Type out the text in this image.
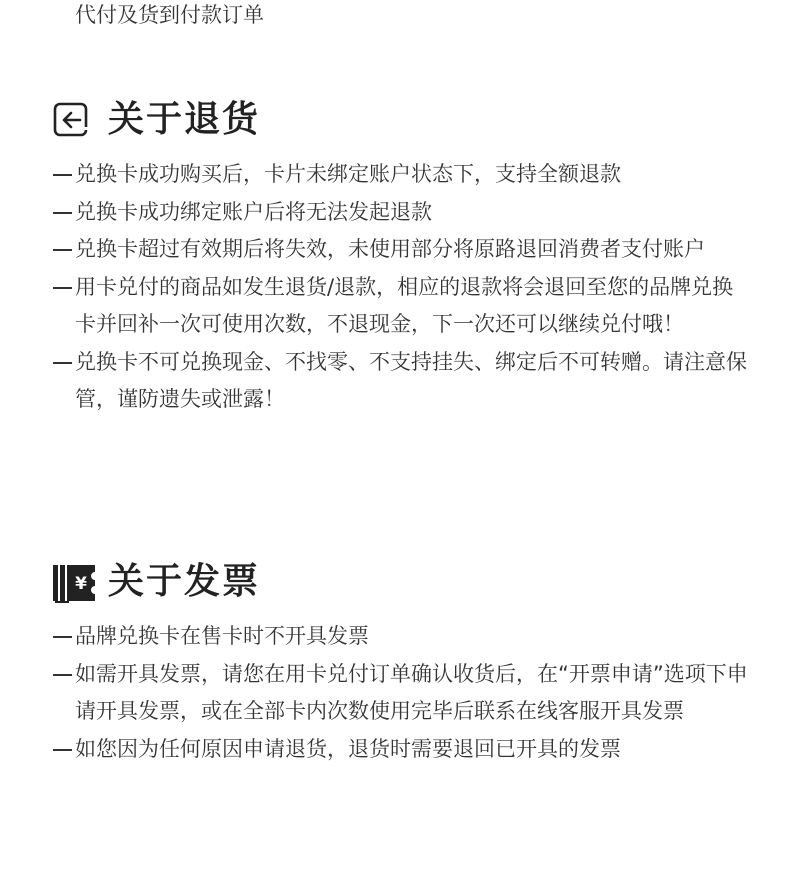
代付及货到付款订单

关于退货
兑换卡成功购买后，卡片未绑定账户状态下，支持全额退款
兑换卡成功绑定账户后将无法发起退款
兑换卡超过有效期后将失效，未使用部分将原路退回消费者支付账户
用卡兑付的商品如发生退货/退款，相应的退款将会退回至您的品牌兑换卡并回补一次可使用次数，不退现金，下一次还可以继续兑付哦！
兑换卡不可兑换现金、不找零、不支持挂失、绑定后不可转赠。请注意保管，谨防遗失或泄露！
¥ 关于发票
品牌兑换卡在售卡时不开具发票
如需开具发票，请您在用卡兑付订单确认收货后，在“开票申请”选项下申请开具发票，或在全部卡内次数使用完毕后联系在线客服开具发票
如您因为任何原因申请退货，退货时需要退回已开具的发票
